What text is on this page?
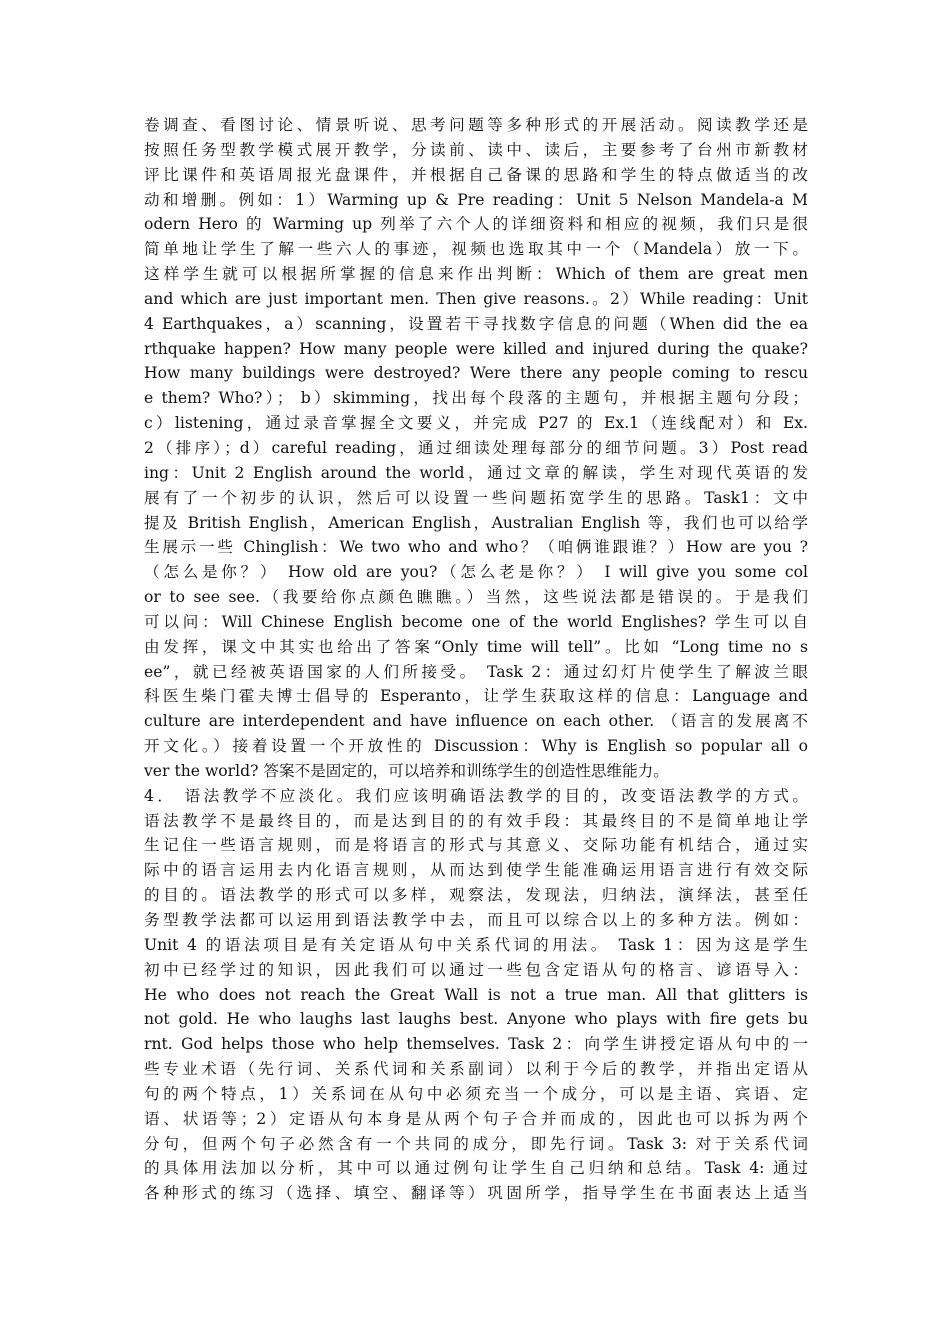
卷调查、看图讨论、情景听说、思考问题等多种形式的开展活动。阅读教学还是
按照任务型教学模式展开教学，分读前、读中、读后，主要参考了台州市新教材
评比课件和英语周报光盘课件，并根据自己备课的思路和学生的特点做适当的改
动和增删。例如：1）Warming up & Pre reading：Unit 5 Nelson Mandela-a M
odern Hero 的 Warming up 列举了六个人的详细资料和相应的视频，我们只是很
简单地让学生了解一些六人的事迹，视频也选取其中一个（Mandela）放一下。
这样学生就可以根据所掌握的信息来作出判断：Which of them are great men
and which are just important men. Then give reasons.。2）While reading：Unit
4 Earthquakes，a）scanning，设置若干寻找数字信息的问题（When did the ea
rthquake happen? How many people were killed and injured during the quake?
How many buildings were destroyed? Were there any people coming to rescu
e them? Who?）； b）skimming，找出每个段落的主题句，并根据主题句分段；
c）listening，通过录音掌握全文要义，并完成 P27 的 Ex.1（连线配对）和 Ex.
2（排序）；d）careful reading，通过细读处理每部分的细节问题。3）Post read
ing：Unit 2 English around the world，通过文章的解读，学生对现代英语的发
展有了一个初步的认识，然后可以设置一些问题拓宽学生的思路。Task1：文中
提及 British English，American English，Australian English 等，我们也可以给学
生展示一些 Chinglish：We two who and who？（咱俩谁跟谁？）How are you ?
（怎么是你？） How old are you?（怎么老是你？） I will give you some col
or to see see.（我要给你点颜色瞧瞧。）当然，这些说法都是错误的。于是我们
可以问：Will Chinese English become one of the world Englishes? 学生可以自
由发挥，课文中其实也给出了答案“Only time will tell”。比如 “Long time no s
ee”，就已经被英语国家的人们所接受。 Task 2：通过幻灯片使学生了解波兰眼
科医生柴门霍夫博士倡导的 Esperanto，让学生获取这样的信息：Language and
culture are interdependent and have influence on each other. （语言的发展离不
开文化。）接着设置一个开放性的 Discussion：Why is English so popular all o
ver the world? 答案不是固定的，可以培养和训练学生的创造性思维能力。
4． 语法教学不应淡化。我们应该明确语法教学的目的，改变语法教学的方式。
语法教学不是最终目的，而是达到目的的有效手段：其最终目的不是简单地让学
生记住一些语言规则，而是将语言的形式与其意义、交际功能有机结合，通过实
际中的语言运用去内化语言规则，从而达到使学生能准确运用语言进行有效交际
的目的。语法教学的形式可以多样，观察法，发现法，归纳法，演绎法，甚至任
务型教学法都可以运用到语法教学中去，而且可以综合以上的多种方法。例如：
Unit 4 的语法项目是有关定语从句中关系代词的用法。 Task 1：因为这是学生
初中已经学过的知识，因此我们可以通过一些包含定语从句的格言、谚语导入：
He who does not reach the Great Wall is not a true man. All that glitters is
not gold. He who laughs last laughs best. Anyone who plays with fire gets bu
rnt. God helps those who help themselves. Task 2：向学生讲授定语从句中的一
些专业术语（先行词、关系代词和关系副词）以利于今后的教学，并指出定语从
句的两个特点，1）关系词在从句中必须充当一个成分，可以是主语、宾语、定
语、状语等；2）定语从句本身是从两个句子合并而成的，因此也可以拆为两个
分句，但两个句子必然含有一个共同的成分，即先行词。Task 3: 对于关系代词
的具体用法加以分析，其中可以通过例句让学生自己归纳和总结。Task 4: 通过
各种形式的练习（选择、填空、翻译等）巩固所学，指导学生在书面表达上适当
